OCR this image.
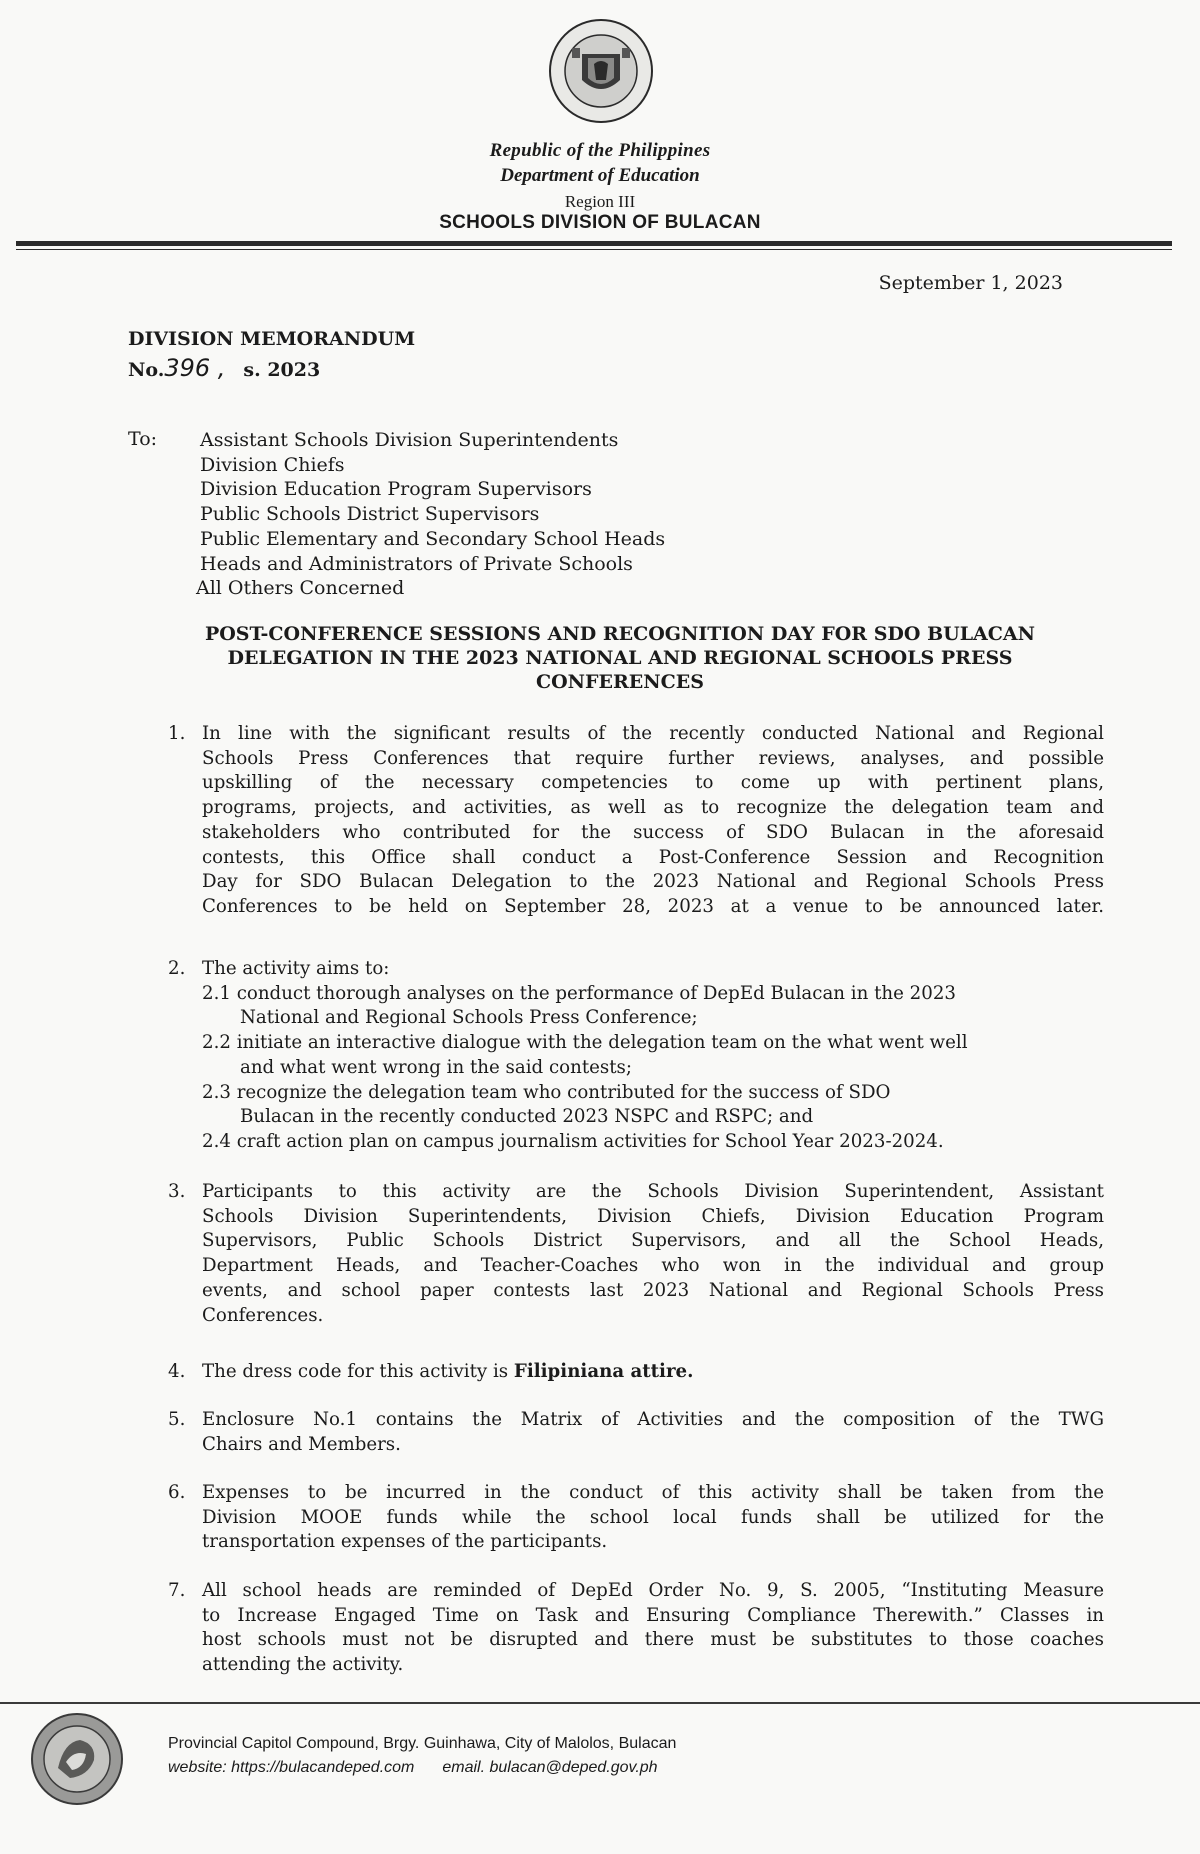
Republic of the Philippines
Department of Education
Region III
SCHOOLS DIVISION OF BULACAN
September 1, 2023
DIVISION MEMORANDUM
No.396 , s. 2023
To: Assistant Schools Division Superintendents
Division Chiefs
Division Education Program Supervisors
Public Schools District Supervisors
Public Elementary and Secondary School Heads
Heads and Administrators of Private Schools
All Others Concerned
POST-CONFERENCE SESSIONS AND RECOGNITION DAY FOR SDO BULACAN
DELEGATION IN THE 2023 NATIONAL AND REGIONAL SCHOOLS PRESS
CONFERENCES
1. In line with the significant results of the recently conducted National and Regional
Schools Press Conferences that require further reviews, analyses, and possible
upskilling of the necessary competencies to come up with pertinent plans,
programs, projects, and activities, as well as to recognize the delegation team and
stakeholders who contributed for the success of SDO Bulacan in the aforesaid
contests, this Office shall conduct a Post-Conference Session and Recognition
Day for SDO Bulacan Delegation to the 2023 National and Regional Schools Press
Conferences to be held on September 28, 2023 at a venue to be announced later.
2. The activity aims to:
2.1 conduct thorough analyses on the performance of DepEd Bulacan in the 2023
National and Regional Schools Press Conference;
2.2 initiate an interactive dialogue with the delegation team on the what went well
and what went wrong in the said contests;
2.3 recognize the delegation team who contributed for the success of SDO
Bulacan in the recently conducted 2023 NSPC and RSPC; and
2.4 craft action plan on campus journalism activities for School Year 2023-2024.
3. Participants to this activity are the Schools Division Superintendent, Assistant
Schools Division Superintendents, Division Chiefs, Division Education Program
Supervisors, Public Schools District Supervisors, and all the School Heads,
Department Heads, and Teacher-Coaches who won in the individual and group
events, and school paper contests last 2023 National and Regional Schools Press
Conferences.
4. The dress code for this activity is Filipiniana attire.
5. Enclosure No.1 contains the Matrix of Activities and the composition of the TWG
Chairs and Members.
6. Expenses to be incurred in the conduct of this activity shall be taken from the
Division MOOE funds while the school local funds shall be utilized for the
transportation expenses of the participants.
7. All school heads are reminded of DepEd Order No. 9, S. 2005, “Instituting Measure
to Increase Engaged Time on Task and Ensuring Compliance Therewith.” Classes in
host schools must not be disrupted and there must be substitutes to those coaches
attending the activity.
Provincial Capitol Compound, Brgy. Guinhawa, City of Malolos, Bulacan
website: https://bulacandeped.com email. bulacan@deped.gov.ph
